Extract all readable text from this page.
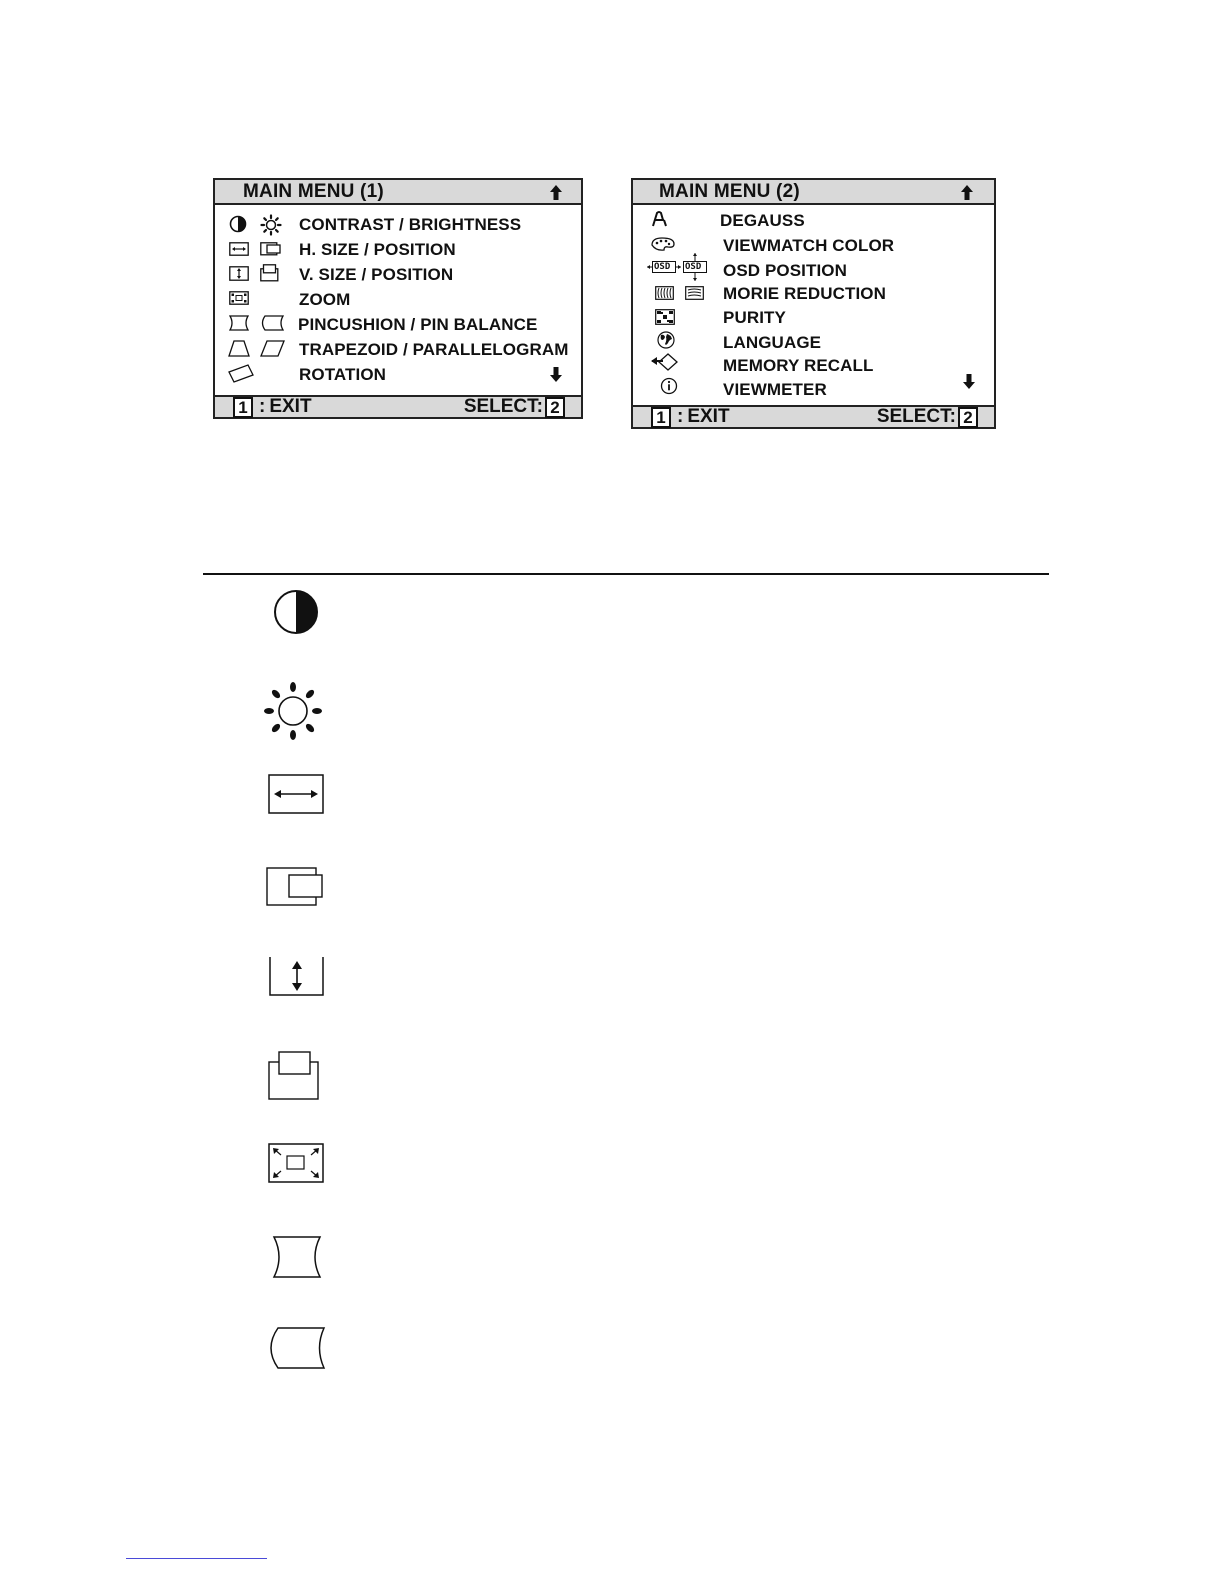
MAIN MENU (1)
CONTRAST / BRIGHTNESS
H. SIZE / POSITION
V. SIZE / POSITION
ZOOM
PINCUSHION / PIN BALANCE
TRAPEZOID / PARALLELOGRAM
ROTATION
1 : EXIT	SELECT: 2
MAIN MENU (2)
DEGAUSS
VIEWMATCH COLOR
OSD OSD OSD POSITION
MORIE REDUCTION
PURITY
LANGUAGE
MEMORY RECALL
VIEWMETER
1 : EXIT	SELECT: 2
